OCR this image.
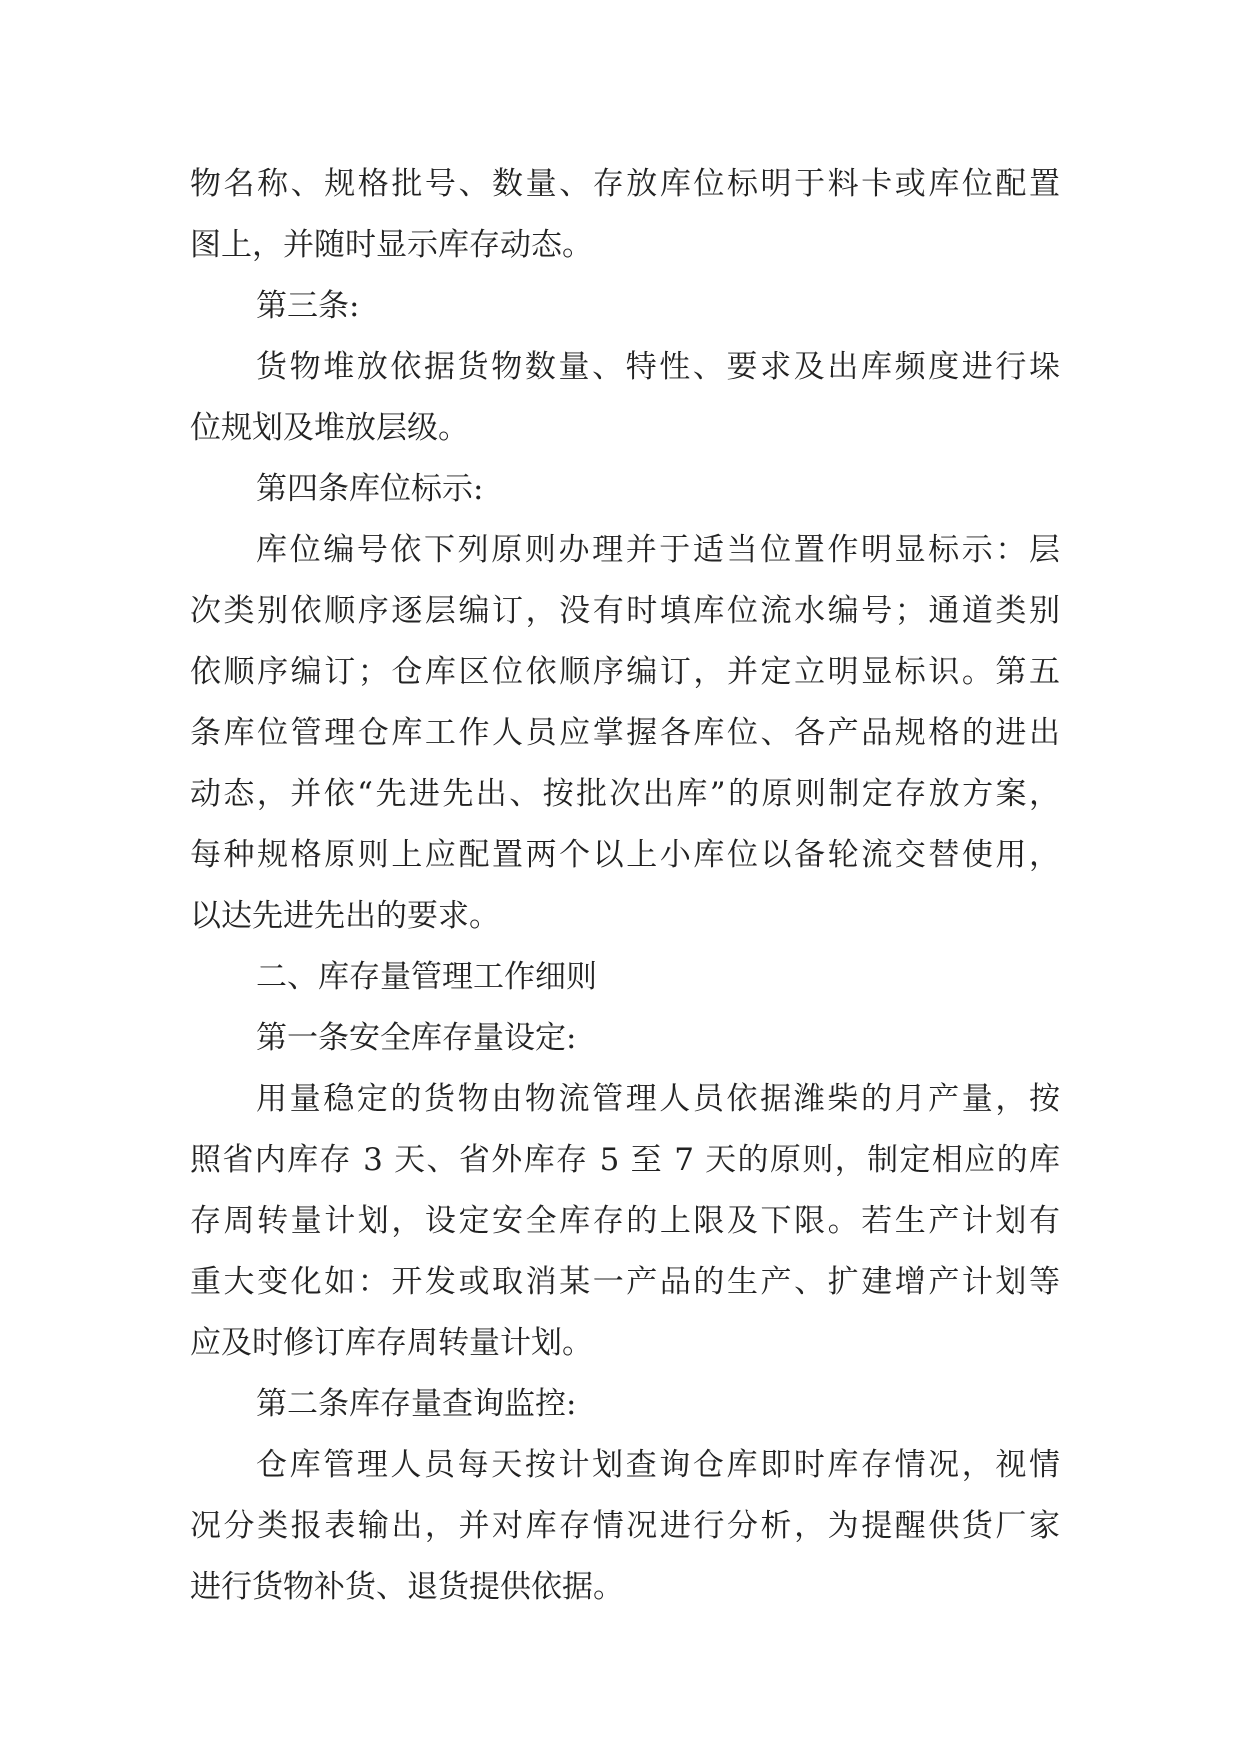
物名称、规格批号、数量、存放库位标明于料卡或库位配置
图上，并随时显示库存动态。
第三条:
货物堆放依据货物数量、特性、要求及出库频度进行垛
位规划及堆放层级。
第四条库位标示:
库位编号依下列原则办理并于适当位置作明显标示：层
次类别依顺序逐层编订，没有时填库位流水编号；通道类别
依顺序编订；仓库区位依顺序编订，并定立明显标识。第五
条库位管理仓库工作人员应掌握各库位、各产品规格的进出
动态，并依“先进先出、按批次出库”的原则制定存放方案，
每种规格原则上应配置两个以上小库位以备轮流交替使用，
以达先进先出的要求。
二、库存量管理工作细则
第一条安全库存量设定:
用量稳定的货物由物流管理人员依据潍柴的月产量，按
照省内库存 3 天、省外库存 5 至 7 天的原则，制定相应的库
存周转量计划，设定安全库存的上限及下限。若生产计划有
重大变化如：开发或取消某一产品的生产、扩建增产计划等
应及时修订库存周转量计划。
第二条库存量查询监控:
仓库管理人员每天按计划查询仓库即时库存情况，视情
况分类报表输出，并对库存情况进行分析，为提醒供货厂家
进行货物补货、退货提供依据。
